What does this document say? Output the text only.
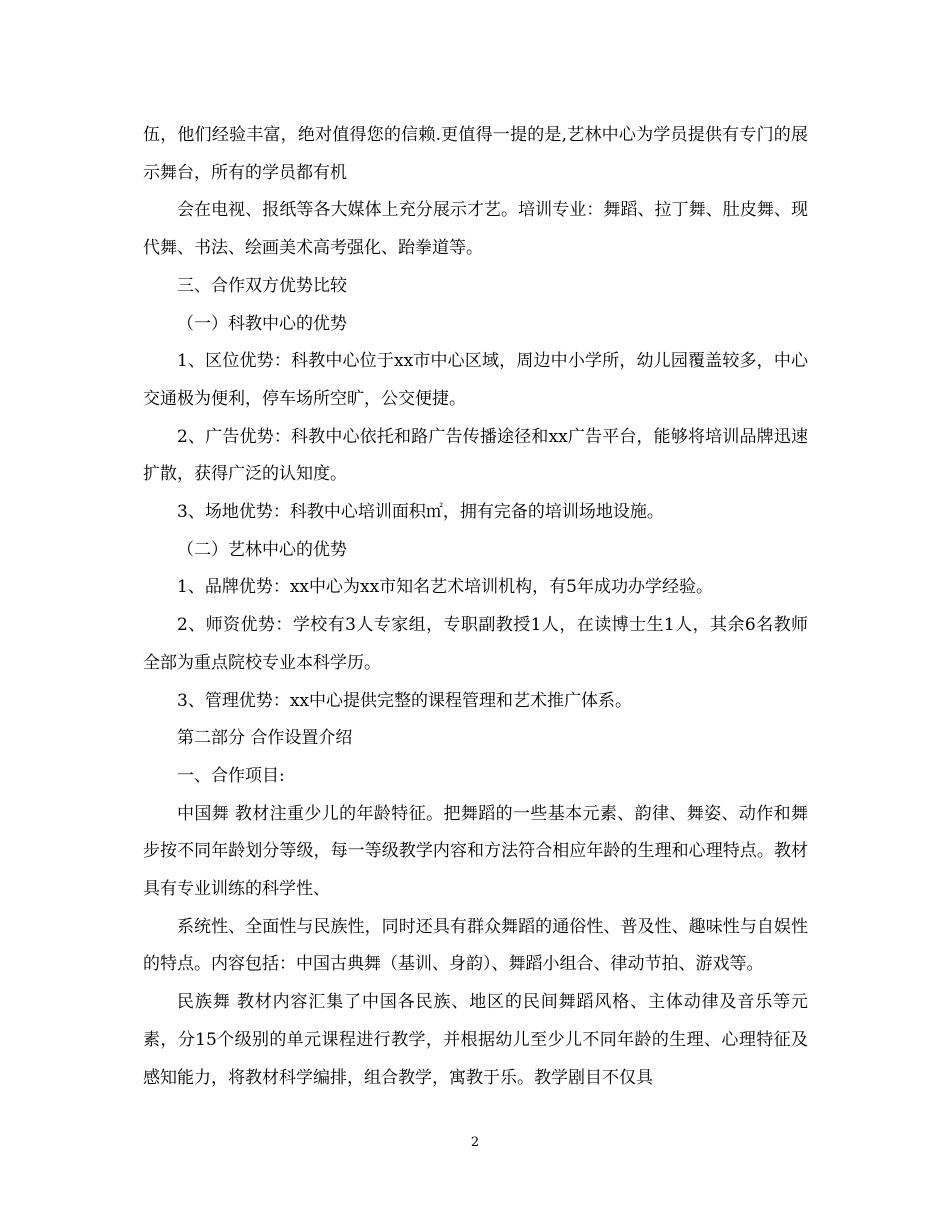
伍，他们经验丰富，绝对值得您的信赖.更值得一提的是,艺林中心为学员提供有专门的展示舞台，所有的学员都有机

会在电视、报纸等各大媒体上充分展示才艺。培训专业：舞蹈、拉丁舞、肚皮舞、现代舞、书法、绘画美术高考强化、跆拳道等。

三、合作双方优势比较

（一）科教中心的优势

1、区位优势：科教中心位于xx市中心区域，周边中小学所，幼儿园覆盖较多，中心交通极为便利，停车场所空旷，公交便捷。

2、广告优势：科教中心依托和路广告传播途径和xx广告平台，能够将培训品牌迅速扩散，获得广泛的认知度。

3、场地优势：科教中心培训面积㎡，拥有完备的培训场地设施。

（二）艺林中心的优势

1、品牌优势：xx中心为xx市知名艺术培训机构，有5年成功办学经验。

2、师资优势：学校有3人专家组，专职副教授1人，在读博士生1人，其余6名教师全部为重点院校专业本科学历。

3、管理优势：xx中心提供完整的课程管理和艺术推广体系。

第二部分 合作设置介绍

一、合作项目:

中国舞 教材注重少儿的年龄特征。把舞蹈的一些基本元素、韵律、舞姿、动作和舞步按不同年龄划分等级，每一等级教学内容和方法符合相应年龄的生理和心理特点。教材具有专业训练的科学性、

系统性、全面性与民族性，同时还具有群众舞蹈的通俗性、普及性、趣味性与自娱性的特点。内容包括：中国古典舞（基训、身韵）、舞蹈小组合、律动节拍、游戏等。

民族舞 教材内容汇集了中国各民族、地区的民间舞蹈风格、主体动律及音乐等元素，分15个级别的单元课程进行教学，并根据幼儿至少儿不同年龄的生理、心理特征及感知能力，将教材科学编排，组合教学，寓教于乐。教学剧目不仅具

2
